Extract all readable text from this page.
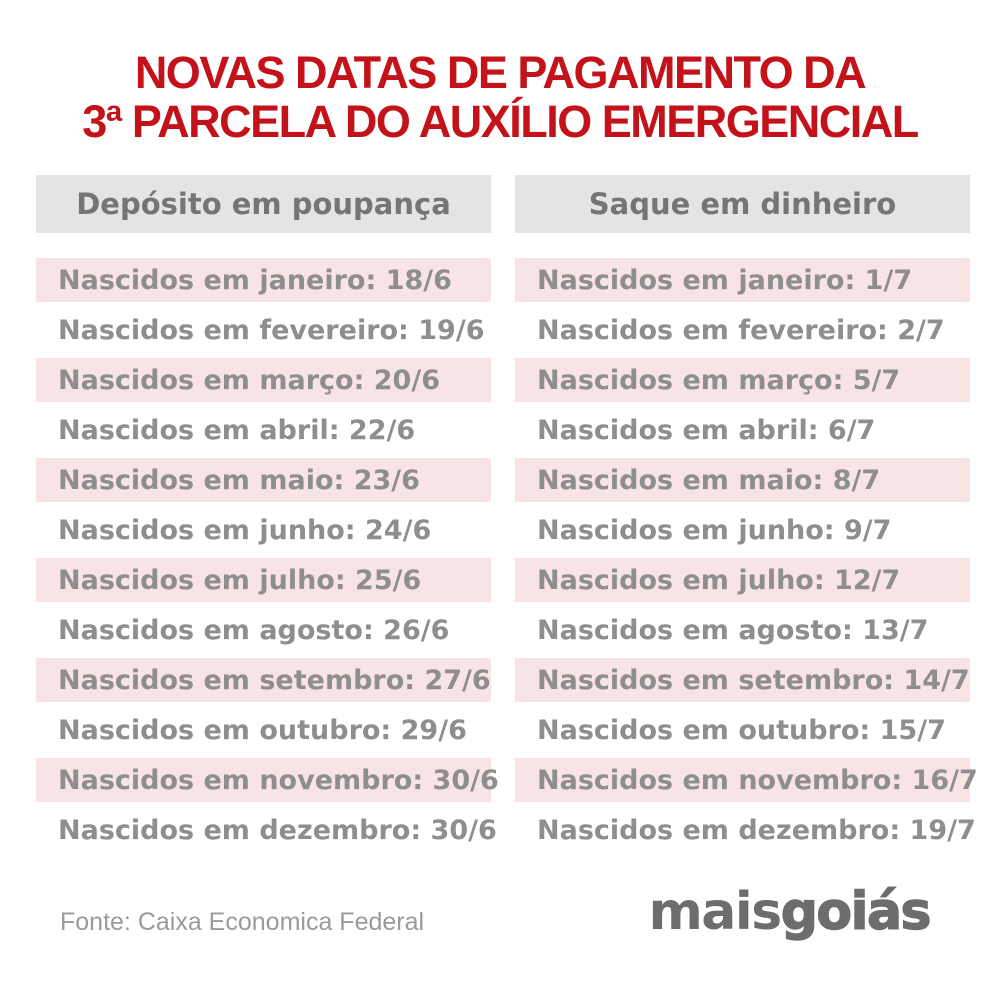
NOVAS DATAS DE PAGAMENTO DA
3ª PARCELA DO AUXÍLIO EMERGENCIAL
Depósito em poupança
Nascidos em janeiro: 18/6
Nascidos em fevereiro: 19/6
Nascidos em março: 20/6
Nascidos em abril: 22/6
Nascidos em maio: 23/6
Nascidos em junho: 24/6
Nascidos em julho: 25/6
Nascidos em agosto: 26/6
Nascidos em setembro: 27/6
Nascidos em outubro: 29/6
Nascidos em novembro: 30/6
Nascidos em dezembro: 30/6
Saque em dinheiro
Nascidos em janeiro: 1/7
Nascidos em fevereiro: 2/7
Nascidos em março: 5/7
Nascidos em abril: 6/7
Nascidos em maio: 8/7
Nascidos em junho: 9/7
Nascidos em julho: 12/7
Nascidos em agosto: 13/7
Nascidos em setembro: 14/7
Nascidos em outubro: 15/7
Nascidos em novembro: 16/7
Nascidos em dezembro: 19/7
Fonte: Caixa Economica Federal	maisgoiás
